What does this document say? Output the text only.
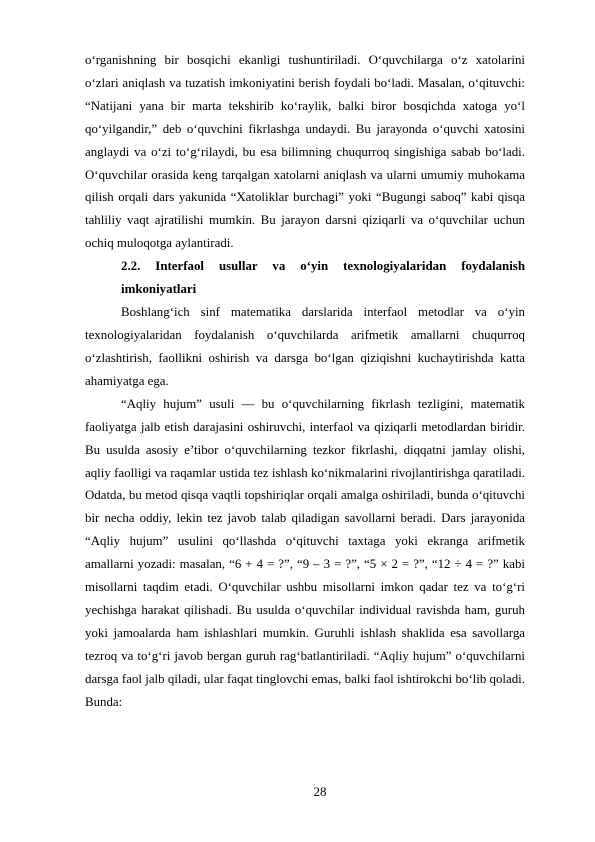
o‘rganishning bir bosqichi ekanligi tushuntiriladi. O‘quvchilarga o‘z xatolarini o‘zlari aniqlash va tuzatish imkoniyatini berish foydali bo‘ladi. Masalan, o‘qituvchi: “Natijani yana bir marta tekshirib ko‘raylik, balki biror bosqichda xatoga yo‘l qo‘yilgandir,” deb o‘quvchini fikrlashga undaydi. Bu jarayonda o‘quvchi xatosini anglaydi va o‘zi to‘g‘rilaydi, bu esa bilimning chuqurroq singishiga sabab bo‘ladi. O‘quvchilar orasida keng tarqalgan xatolarni aniqlash va ularni umumiy muhokama qilish orqali dars yakunida “Xatoliklar burchagi” yoki “Bugungi saboq” kabi qisqa tahliliy vaqt ajratilishi mumkin. Bu jarayon darsni qiziqarli va o‘quvchilar uchun ochiq muloqotga aylantiradi.

2.2. Interfaol usullar va o‘yin texnologiyalaridan foydalanish imkoniyatlari

Boshlang‘ich sinf matematika darslarida interfaol metodlar va o‘yin texnologiyalaridan foydalanish o‘quvchilarda arifmetik amallarni chuqurroq o‘zlashtirish, faollikni oshirish va darsga bo‘lgan qiziqishni kuchaytirishda katta ahamiyatga ega.

“Aqliy hujum” usuli — bu o‘quvchilarning fikrlash tezligini, matematik faoliyatga jalb etish darajasini oshiruvchi, interfaol va qiziqarli metodlardan biridir. Bu usulda asosiy e’tibor o‘quvchilarning tezkor fikrlashi, diqqatni jamlay olishi, aqliy faolligi va raqamlar ustida tez ishlash ko‘nikmalarini rivojlantirishga qaratiladi. Odatda, bu metod qisqa vaqtli topshiriqlar orqali amalga oshiriladi, bunda o‘qituvchi bir necha oddiy, lekin tez javob talab qiladigan savollarni beradi. Dars jarayonida “Aqliy hujum” usulini qo‘llashda o‘qituvchi taxtaga yoki ekranga arifmetik amallarni yozadi: masalan, “6 + 4 = ?”, “9 – 3 = ?”, “5 × 2 = ?”, “12 ÷ 4 = ?” kabi misollarni taqdim etadi. O‘quvchilar ushbu misollarni imkon qadar tez va to‘g‘ri yechishga harakat qilishadi. Bu usulda o‘quvchilar individual ravishda ham, guruh yoki jamoalarda ham ishlashlari mumkin. Guruhli ishlash shaklida esa savollarga tezroq va to‘g‘ri javob bergan guruh rag‘batlantiriladi. “Aqliy hujum” o‘quvchilarni darsga faol jalb qiladi, ular faqat tinglovchi emas, balki faol ishtirokchi bo‘lib qoladi. Bunda:

28
